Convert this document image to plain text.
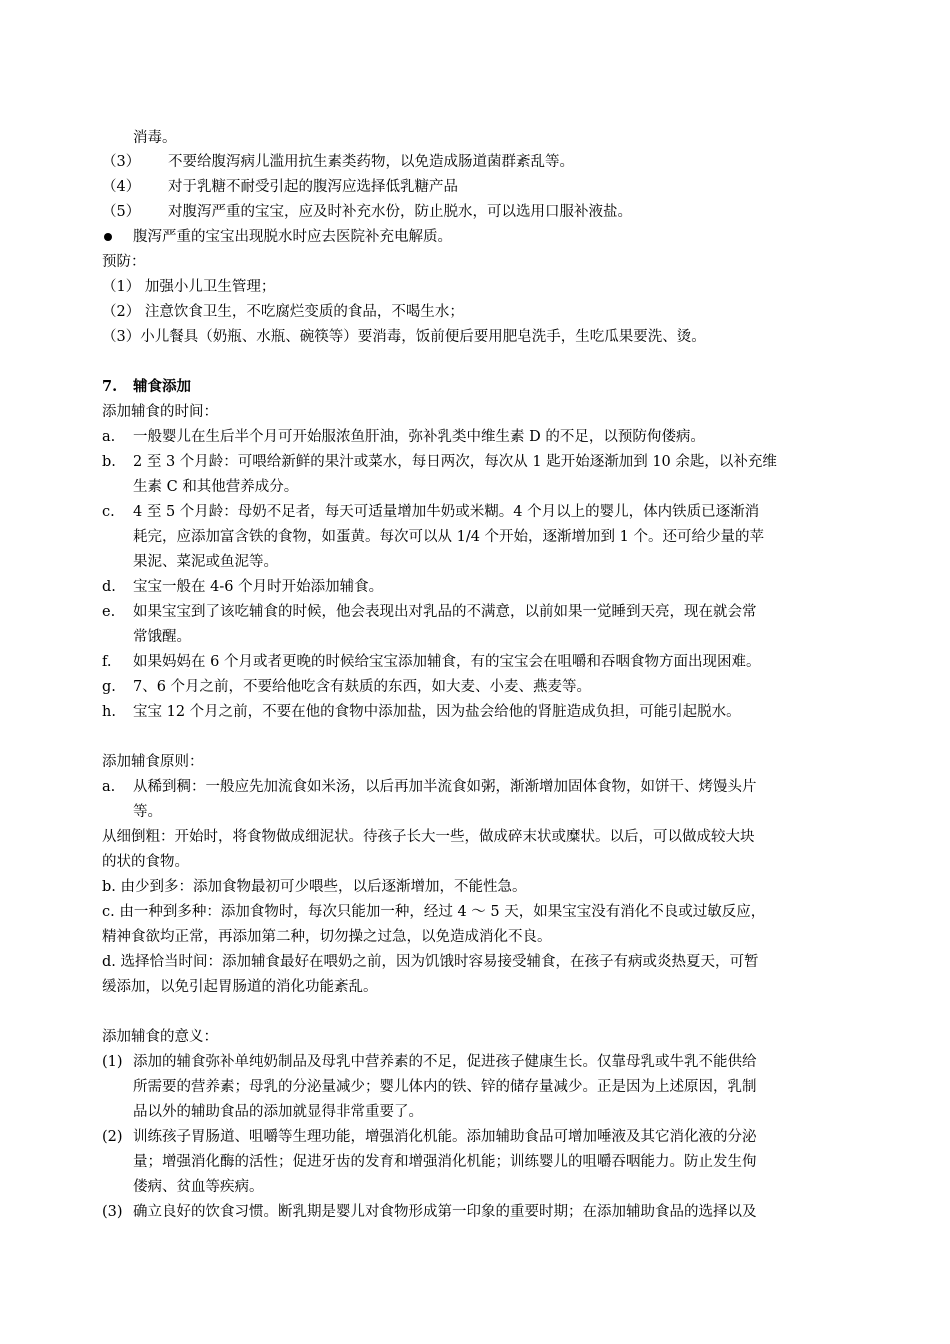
消毒。
（3） 不要给腹泻病儿滥用抗生素类药物，以免造成肠道菌群紊乱等。
（4） 对于乳糖不耐受引起的腹泻应选择低乳糖产品
（5） 对腹泻严重的宝宝，应及时补充水份，防止脱水，可以选用口服补液盐。
腹泻严重的宝宝出现脱水时应去医院补充电解质。
预防：
（1） 加强小儿卫生管理；
（2） 注意饮食卫生，不吃腐烂变质的食品，不喝生水；
（3）小儿餐具（奶瓶、水瓶、碗筷等）要消毒，饭前便后要用肥皂洗手，生吃瓜果要洗、烫。
7. 辅食添加
添加辅食的时间：
a. 一般婴儿在生后半个月可开始服浓鱼肝油，弥补乳类中维生素 D 的不足，以预防佝偻病。
b. 2 至 3 个月龄：可喂给新鲜的果汁或菜水，每日两次，每次从 1 匙开始逐渐加到 10 余匙，以补充维
生素 C 和其他营养成分。
c. 4 至 5 个月龄：母奶不足者，每天可适量增加牛奶或米糊。4 个月以上的婴儿，体内铁质已逐渐消
耗完，应添加富含铁的食物，如蛋黄。每次可以从 1/4 个开始，逐渐增加到 1 个。还可给少量的苹
果泥、菜泥或鱼泥等。
d. 宝宝一般在 4-6 个月时开始添加辅食。
e. 如果宝宝到了该吃辅食的时候，他会表现出对乳品的不满意，以前如果一觉睡到天亮，现在就会常
常饿醒。
f. 如果妈妈在 6 个月或者更晚的时候给宝宝添加辅食，有的宝宝会在咀嚼和吞咽食物方面出现困难。
g. 7、6 个月之前，不要给他吃含有麸质的东西，如大麦、小麦、燕麦等。
h. 宝宝 12 个月之前，不要在他的食物中添加盐，因为盐会给他的肾脏造成负担，可能引起脱水。
添加辅食原则：
a. 从稀到稠：一般应先加流食如米汤，以后再加半流食如粥，渐渐增加固体食物，如饼干、烤馒头片
等。
从细倒粗：开始时，将食物做成细泥状。待孩子长大一些，做成碎末状或糜状。以后，可以做成较大块
的状的食物。
b. 由少到多：添加食物最初可少喂些，以后逐渐增加，不能性急。
c. 由一种到多种：添加食物时，每次只能加一种，经过 4 ～ 5 天，如果宝宝没有消化不良或过敏反应，
精神食欲均正常，再添加第二种，切勿操之过急，以免造成消化不良。
d. 选择恰当时间：添加辅食最好在喂奶之前，因为饥饿时容易接受辅食，在孩子有病或炎热夏天，可暂
缓添加，以免引起胃肠道的消化功能紊乱。
添加辅食的意义：
(1) 添加的辅食弥补单纯奶制品及母乳中营养素的不足，促进孩子健康生长。仅靠母乳或牛乳不能供给
所需要的营养素；母乳的分泌量减少；婴儿体内的铁、锌的储存量减少。正是因为上述原因，乳制
品以外的辅助食品的添加就显得非常重要了。
(2) 训练孩子胃肠道、咀嚼等生理功能，增强消化机能。添加辅助食品可增加唾液及其它消化液的分泌
量；增强消化酶的活性；促进牙齿的发育和增强消化机能；训练婴儿的咀嚼吞咽能力。防止发生佝
偻病、贫血等疾病。
(3) 确立良好的饮食习惯。断乳期是婴儿对食物形成第一印象的重要时期；在添加辅助食品的选择以及
